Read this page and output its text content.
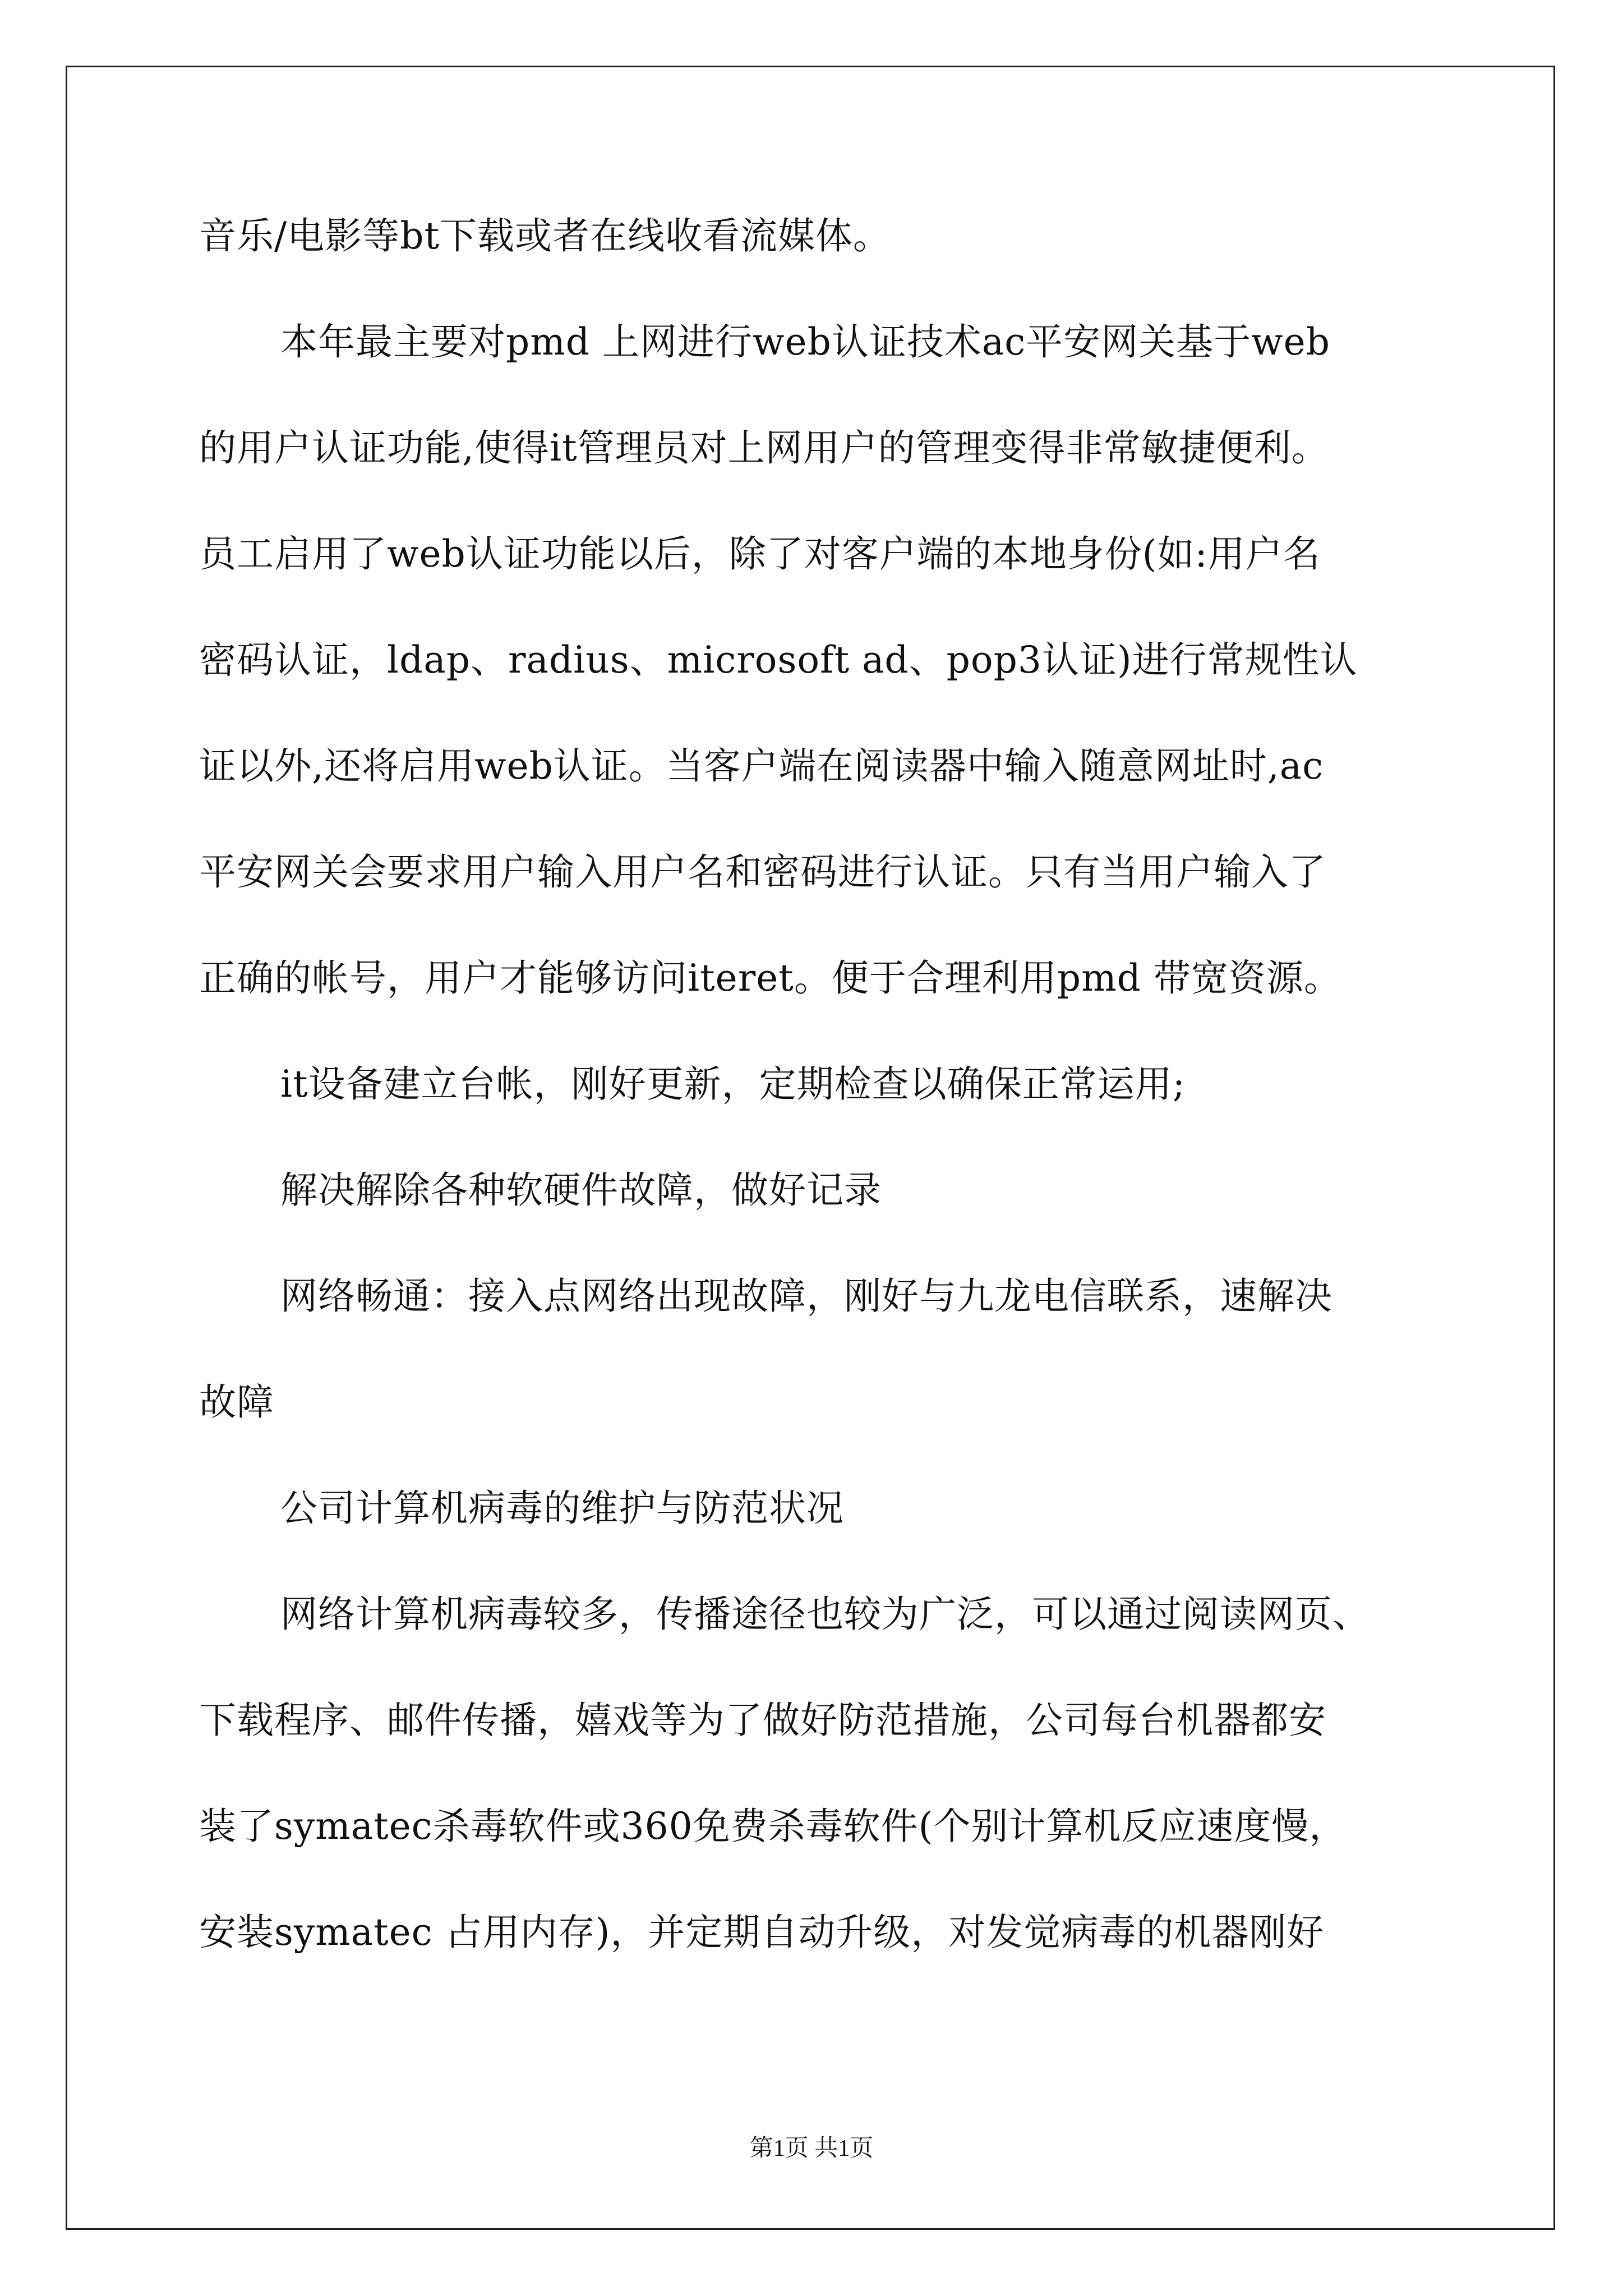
音乐/电影等bt下载或者在线收看流媒体。
本年最主要对pmd 上网进行web认证技术ac平安网关基于web
的用户认证功能,使得it管理员对上网用户的管理变得非常敏捷便利。
员工启用了web认证功能以后，除了对客户端的本地身份(如:用户名
密码认证，ldap、radius、microsoft ad、pop3认证)进行常规性认
证以外,还将启用web认证。当客户端在阅读器中输入随意网址时,ac
平安网关会要求用户输入用户名和密码进行认证。只有当用户输入了
正确的帐号，用户才能够访问iteret。便于合理利用pmd 带宽资源。
it设备建立台帐，刚好更新，定期检查以确保正常运用;
解决解除各种软硬件故障，做好记录
网络畅通：接入点网络出现故障，刚好与九龙电信联系，速解决
故障
公司计算机病毒的维护与防范状况
网络计算机病毒较多，传播途径也较为广泛，可以通过阅读网页、
下载程序、邮件传播，嬉戏等为了做好防范措施，公司每台机器都安
装了symatec杀毒软件或360免费杀毒软件(个别计算机反应速度慢，
安装symatec 占用内存)，并定期自动升级，对发觉病毒的机器刚好
第1页 共1页
